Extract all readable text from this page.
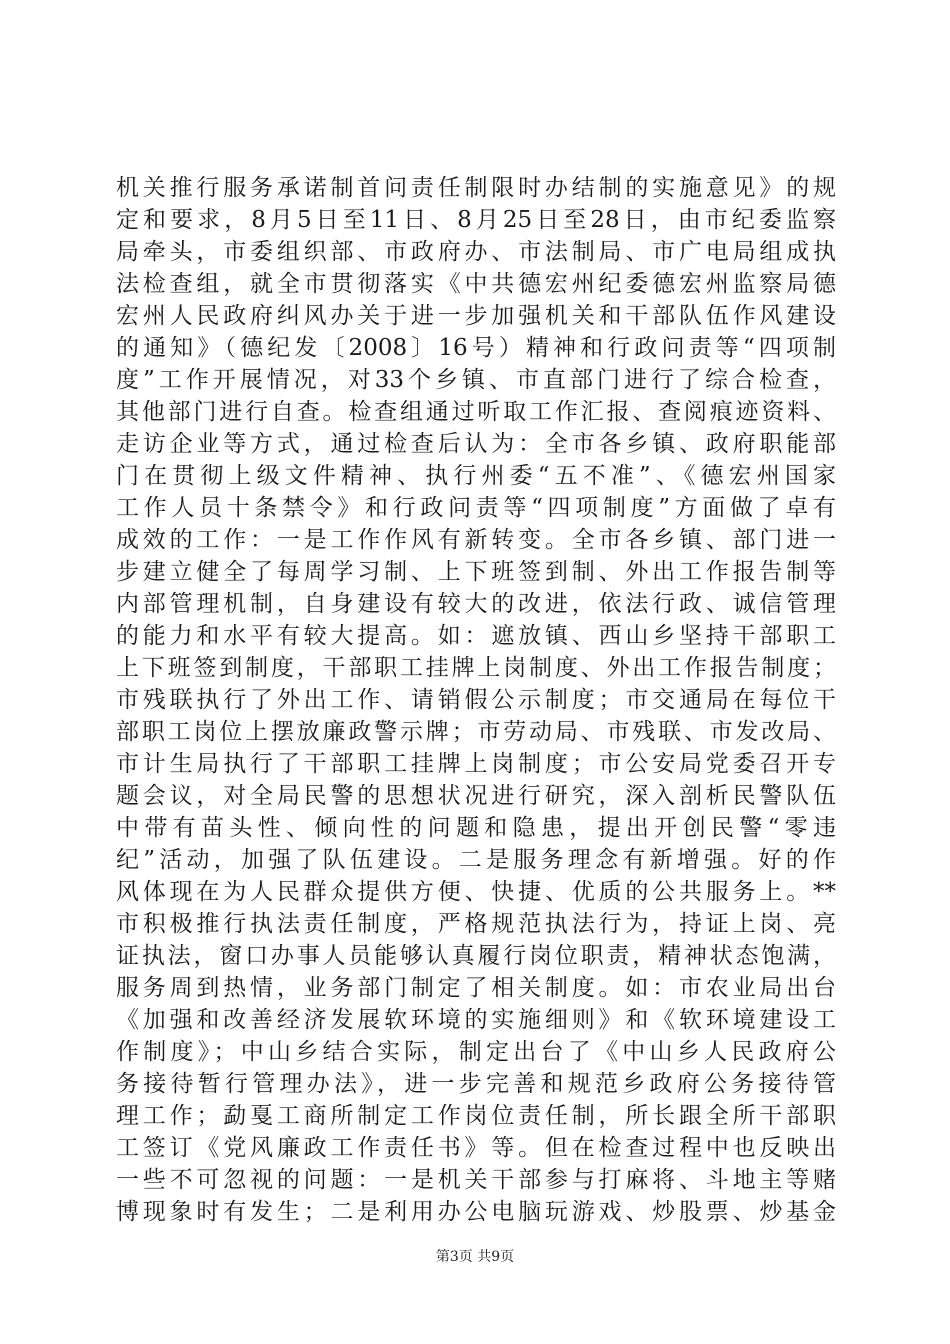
机关推行服务承诺制首问责任制限时办结制的实施意见》的规
定和要求，8月5日至11日、8月25日至28日，由市纪委监察
局牵头，市委组织部、市政府办、市法制局、市广电局组成执
法检查组，就全市贯彻落实《中共德宏州纪委德宏州监察局德
宏州人民政府纠风办关于进一步加强机关和干部队伍作风建设
的通知》（德纪发〔2008〕16号）精神和行政问责等“四项制
度”工作开展情况，对33个乡镇、市直部门进行了综合检查，
其他部门进行自查。检查组通过听取工作汇报、查阅痕迹资料、
走访企业等方式，通过检查后认为：全市各乡镇、政府职能部
门在贯彻上级文件精神、执行州委“五不准”、《德宏州国家
工作人员十条禁令》和行政问责等“四项制度”方面做了卓有
成效的工作：一是工作作风有新转变。全市各乡镇、部门进一
步建立健全了每周学习制、上下班签到制、外出工作报告制等
内部管理机制，自身建设有较大的改进，依法行政、诚信管理
的能力和水平有较大提高。如：遮放镇、西山乡坚持干部职工
上下班签到制度，干部职工挂牌上岗制度、外出工作报告制度；
市残联执行了外出工作、请销假公示制度；市交通局在每位干
部职工岗位上摆放廉政警示牌；市劳动局、市残联、市发改局、
市计生局执行了干部职工挂牌上岗制度；市公安局党委召开专
题会议，对全局民警的思想状况进行研究，深入剖析民警队伍
中带有苗头性、倾向性的问题和隐患，提出开创民警“零违
纪”活动，加强了队伍建设。二是服务理念有新增强。好的作
风体现在为人民群众提供方便、快捷、优质的公共服务上。**
市积极推行执法责任制度，严格规范执法行为，持证上岗、亮
证执法，窗口办事人员能够认真履行岗位职责，精神状态饱满，
服务周到热情，业务部门制定了相关制度。如：市农业局出台
《加强和改善经济发展软环境的实施细则》和《软环境建设工
作制度》；中山乡结合实际，制定出台了《中山乡人民政府公
务接待暂行管理办法》，进一步完善和规范乡政府公务接待管
理工作；勐戛工商所制定工作岗位责任制，所长跟全所干部职
工签订《党风廉政工作责任书》等。但在检查过程中也反映出
一些不可忽视的问题：一是机关干部参与打麻将、斗地主等赌
博现象时有发生；二是利用办公电脑玩游戏、炒股票、炒基金
第3页 共9页
